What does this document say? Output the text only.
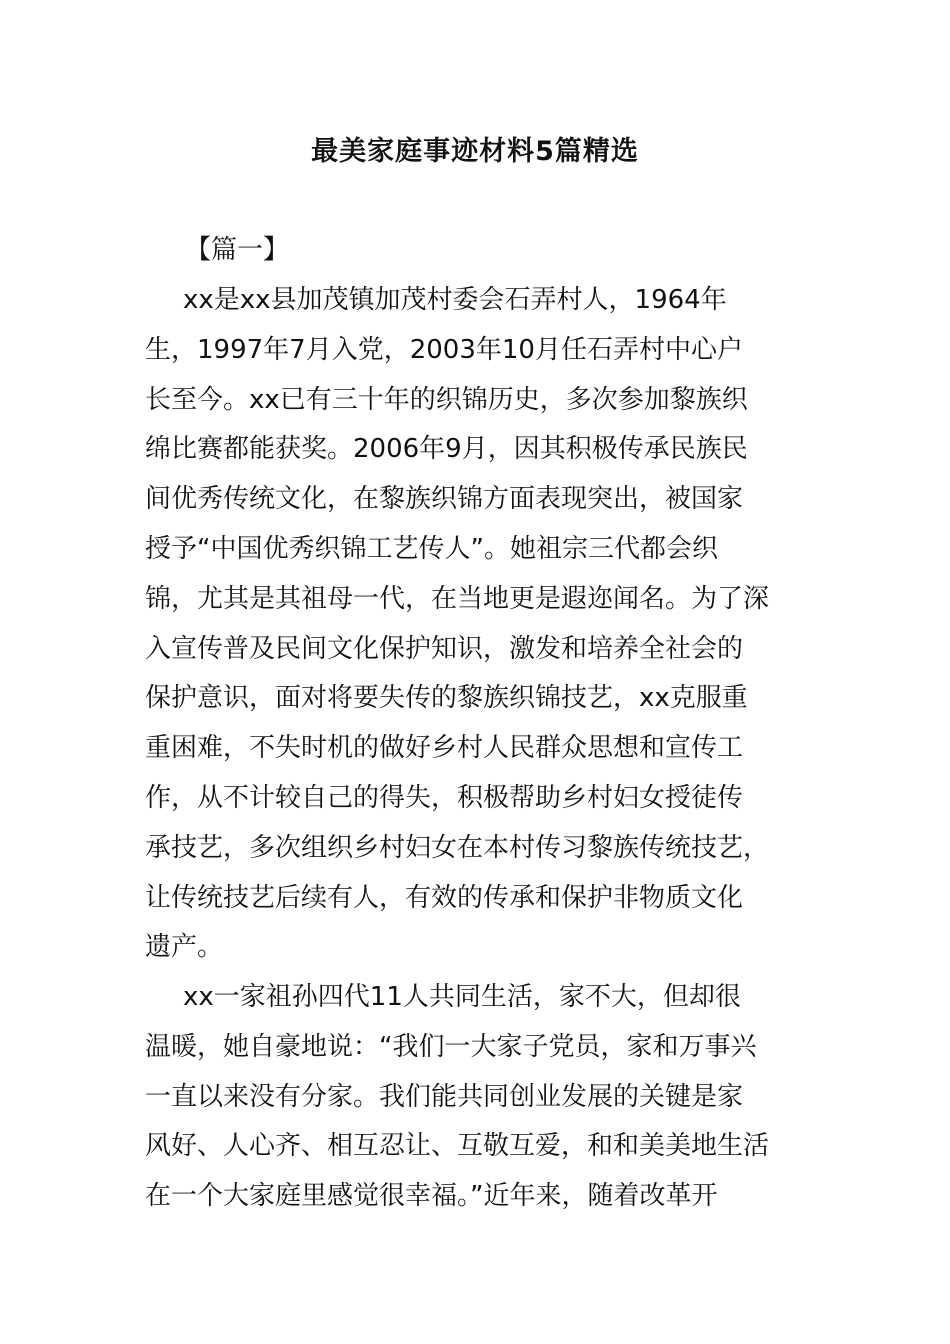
最美家庭事迹材料5篇精选
【篇一】
xx是xx县加茂镇加茂村委会石弄村人，1964年
生，1997年7月入党，2003年10月任石弄村中心户
长至今。xx已有三十年的织锦历史，多次参加黎族织
绵比赛都能获奖。2006年9月，因其积极传承民族民
间优秀传统文化，在黎族织锦方面表现突出，被国家
授予“中国优秀织锦工艺传人”。她祖宗三代都会织
锦，尤其是其祖母一代，在当地更是遐迩闻名。为了深
入宣传普及民间文化保护知识，激发和培养全社会的
保护意识，面对将要失传的黎族织锦技艺，xx克服重
重困难，不失时机的做好乡村人民群众思想和宣传工
作，从不计较自己的得失，积极帮助乡村妇女授徒传
承技艺，多次组织乡村妇女在本村传习黎族传统技艺，
让传统技艺后续有人，有效的传承和保护非物质文化
遗产。
xx一家祖孙四代11人共同生活，家不大，但却很
温暖，她自豪地说：“我们一大家子党员，家和万事兴
一直以来没有分家。我们能共同创业发展的关键是家
风好、人心齐、相互忍让、互敬互爱，和和美美地生活
在一个大家庭里感觉很幸福。”近年来，随着改革开
